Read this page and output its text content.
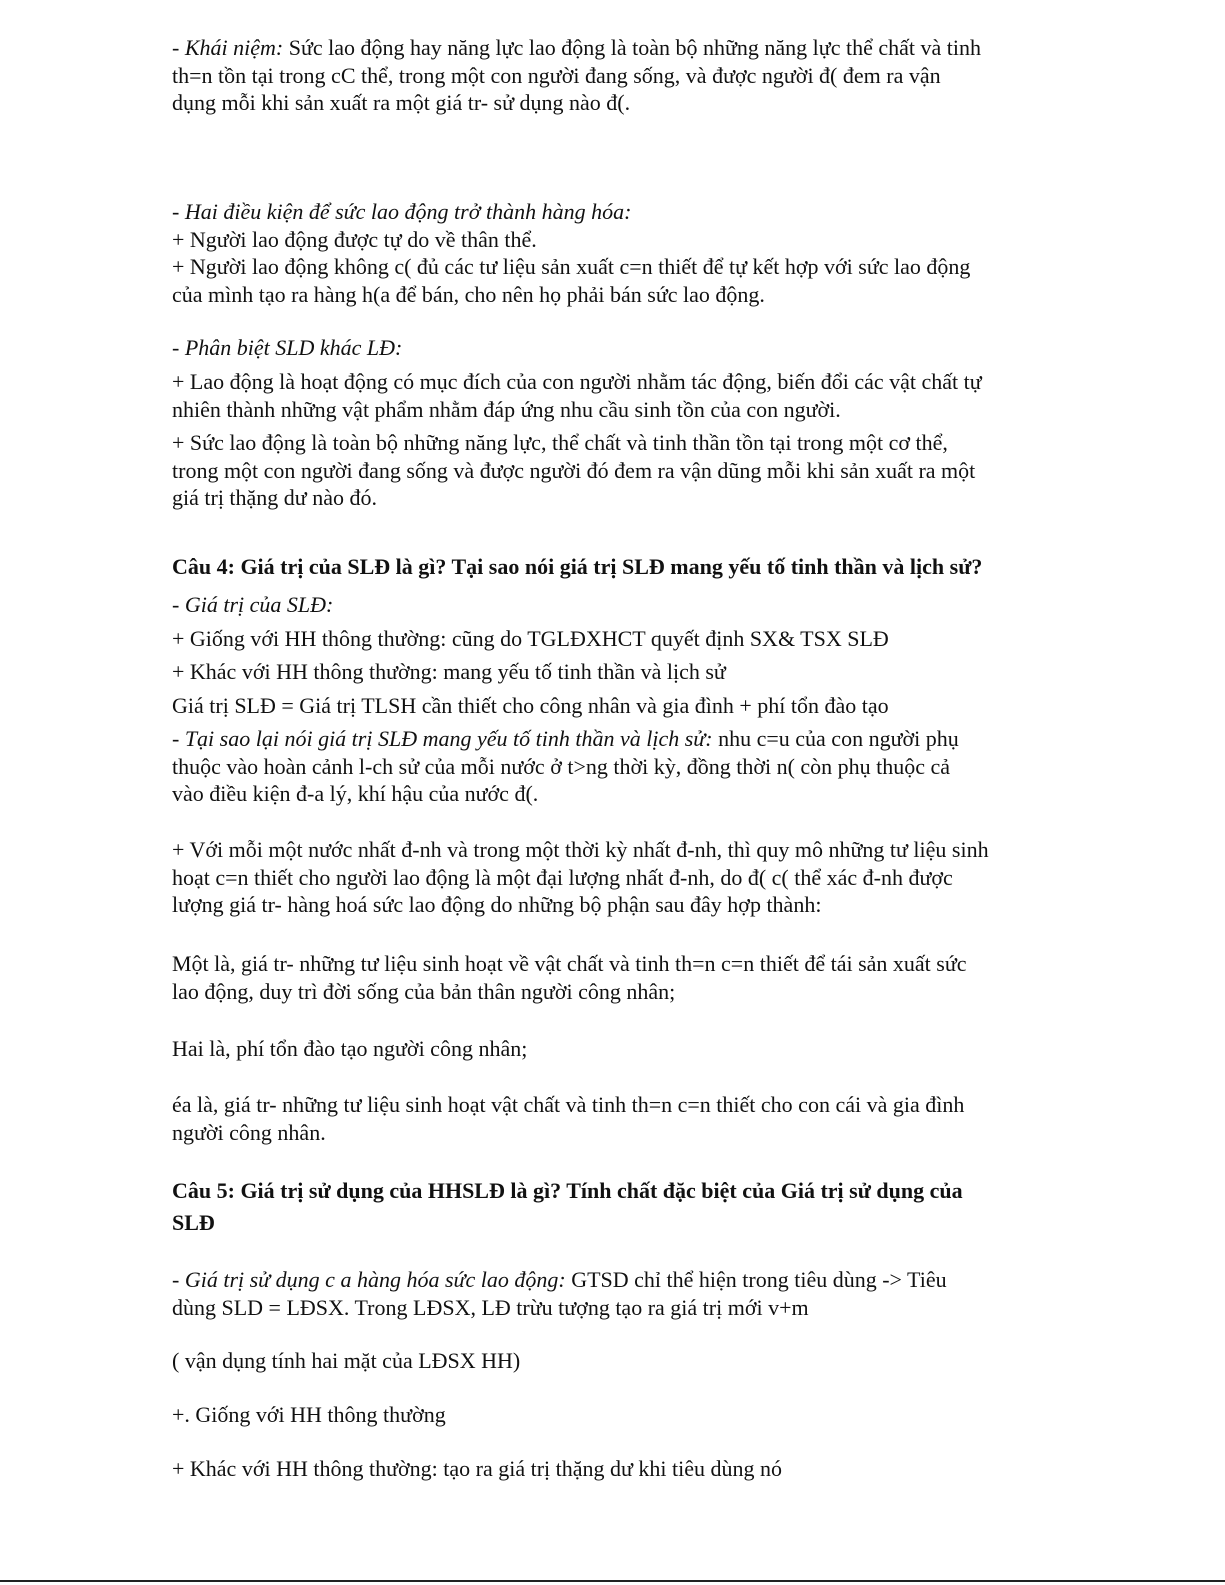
- Khái niệm: Sức lao động hay năng lực lao động là toàn bộ những năng lực thể chất và tinh

th=n tồn tại trong cC thể, trong một con người đang sống, và được người đ( đem ra vận

dụng mỗi khi sản xuất ra một giá tr- sử dụng nào đ(.

- Hai điều kiện để sức lao động trở thành hàng hóa:

+ Người lao động được tự do về thân thể.

+ Người lao động không c( đủ các tư liệu sản xuất c=n thiết để tự kết hợp với sức lao động

của mình tạo ra hàng h(a để bán, cho nên họ phải bán sức lao động.

- Phân biệt SLD khác LĐ:

+ Lao động là hoạt động có mục đích của con người nhằm tác động, biến đổi các vật chất tự

nhiên thành những vật phẩm nhằm đáp ứng nhu cầu sinh tồn của con người.

+ Sức lao động là toàn bộ những năng lực, thể chất và tinh thần tồn tại trong một cơ thể,

trong một con người đang sống và được người đó đem ra vận dũng mỗi khi sản xuất ra một

giá trị thặng dư nào đó.

Câu 4: Giá trị của SLĐ là gì? Tại sao nói giá trị SLĐ mang yếu tố tinh thần và lịch sử?

- Giá trị của SLĐ:

+ Giống với HH thông thường: cũng do TGLĐXHCT quyết định SX& TSX SLĐ

+ Khác với HH thông thường: mang yếu tố tinh thần và lịch sử

Giá trị SLĐ = Giá trị TLSH cần thiết cho công nhân và gia đình + phí tổn đào tạo

- Tại sao lại nói giá trị SLĐ mang yếu tố tinh thần và lịch sử: nhu c=u của con người phụ

thuộc vào hoàn cảnh l-ch sử của mỗi nước ở t>ng thời kỳ, đồng thời n( còn phụ thuộc cả

vào điều kiện đ-a lý, khí hậu của nước đ(.

+ Với mỗi một nước nhất đ-nh và trong một thời kỳ nhất đ-nh, thì quy mô những tư liệu sinh

hoạt c=n thiết cho người lao động là một đại lượng nhất đ-nh, do đ( c( thể xác đ-nh được

lượng giá tr- hàng hoá sức lao động do những bộ phận sau đây hợp thành:

Một là, giá tr- những tư liệu sinh hoạt về vật chất và tinh th=n c=n thiết để tái sản xuất sức

lao động, duy trì đời sống của bản thân người công nhân;

Hai là, phí tổn đào tạo người công nhân;

éa là, giá tr- những tư liệu sinh hoạt vật chất và tinh th=n c=n thiết cho con cái và gia đình

người công nhân.

Câu 5: Giá trị sử dụng của HHSLĐ là gì? Tính chất đặc biệt của Giá trị sử dụng của

SLĐ

- Giá trị sử dụng c a hàng hóa sức lao động: GTSD chỉ thể hiện trong tiêu dùng -> Tiêu

dùng SLD = LĐSX. Trong LĐSX, LĐ trừu tượng tạo ra giá trị mới v+m

( vận dụng tính hai mặt của LĐSX HH)

+. Giống với HH thông thường

+ Khác với HH thông thường: tạo ra giá trị thặng dư khi tiêu dùng nó
